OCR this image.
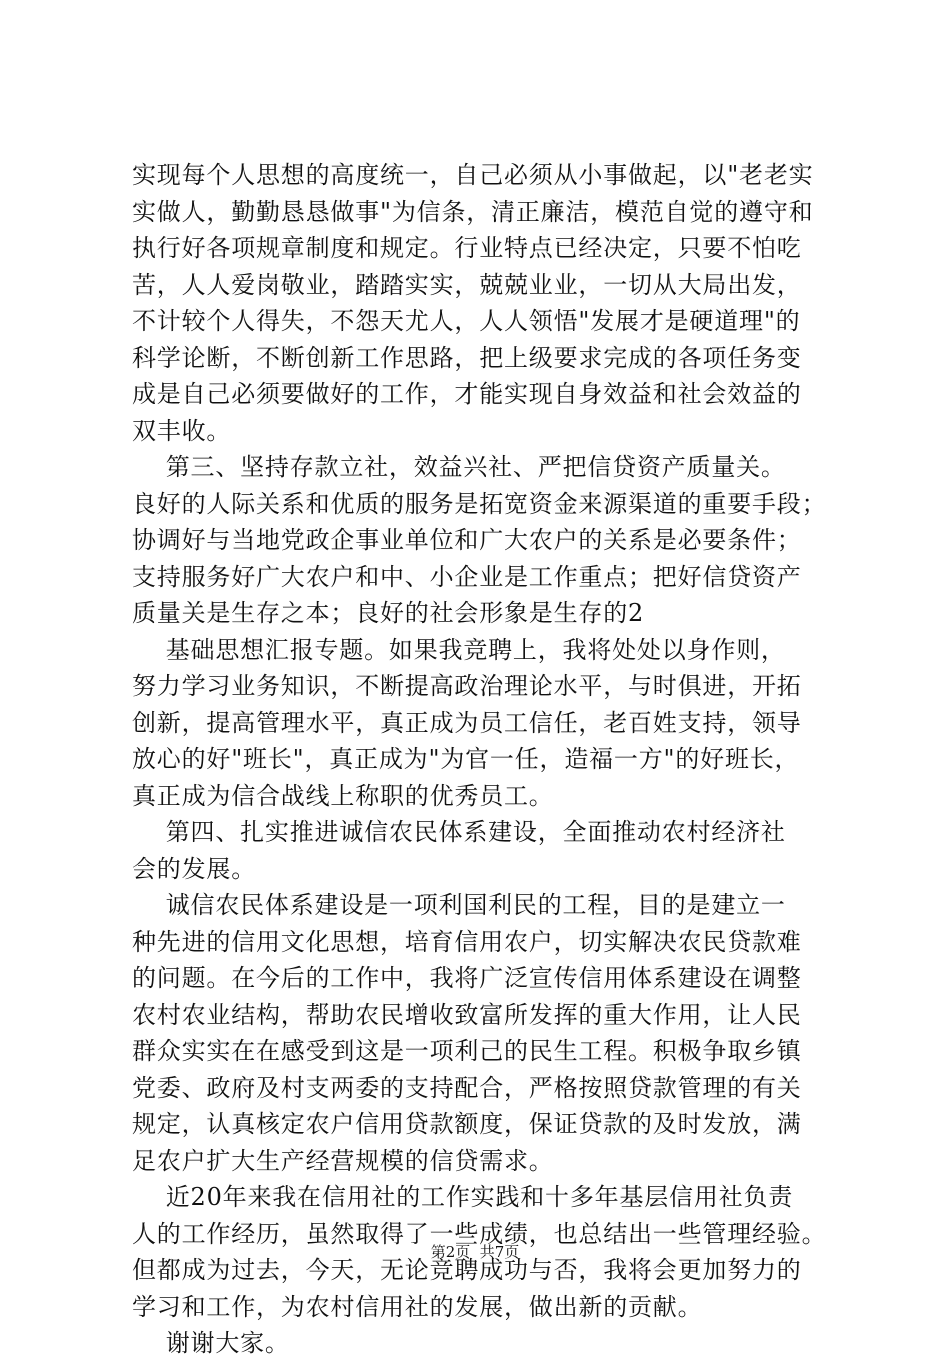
实现每个人思想的高度统一，自己必须从小事做起，以"老老实
实做人，勤勤恳恳做事"为信条，清正廉洁，模范自觉的遵守和
执行好各项规章制度和规定。行业特点已经决定，只要不怕吃
苦，人人爱岗敬业，踏踏实实，兢兢业业，一切从大局出发，
不计较个人得失，不怨天尤人，人人领悟"发展才是硬道理"的
科学论断，不断创新工作思路，把上级要求完成的各项任务变
成是自己必须要做好的工作，才能实现自身效益和社会效益的
双丰收。
第三、坚持存款立社，效益兴社、严把信贷资产质量关。
良好的人际关系和优质的服务是拓宽资金来源渠道的重要手段；
协调好与当地党政企事业单位和广大农户的关系是必要条件；
支持服务好广大农户和中、小企业是工作重点；把好信贷资产
质量关是生存之本；良好的社会形象是生存的2
基础思想汇报专题。如果我竞聘上，我将处处以身作则，
努力学习业务知识，不断提高政治理论水平，与时俱进，开拓
创新，提高管理水平，真正成为员工信任，老百姓支持，领导
放心的好"班长"，真正成为"为官一任，造福一方"的好班长，
真正成为信合战线上称职的优秀员工。
第四、扎实推进诚信农民体系建设，全面推动农村经济社
会的发展。
诚信农民体系建设是一项利国利民的工程，目的是建立一
种先进的信用文化思想，培育信用农户，切实解决农民贷款难
的问题。在今后的工作中，我将广泛宣传信用体系建设在调整
农村农业结构，帮助农民增收致富所发挥的重大作用，让人民
群众实实在在感受到这是一项利己的民生工程。积极争取乡镇
党委、政府及村支两委的支持配合，严格按照贷款管理的有关
规定，认真核定农户信用贷款额度，保证贷款的及时发放，满
足农户扩大生产经营规模的信贷需求。
近20年来我在信用社的工作实践和十多年基层信用社负责
人的工作经历，虽然取得了一些成绩，也总结出一些管理经验。
但都成为过去，今天，无论竞聘成功与否，我将会更加努力的
学习和工作，为农村信用社的发展，做出新的贡献。
谢谢大家。
第2页  共7页
